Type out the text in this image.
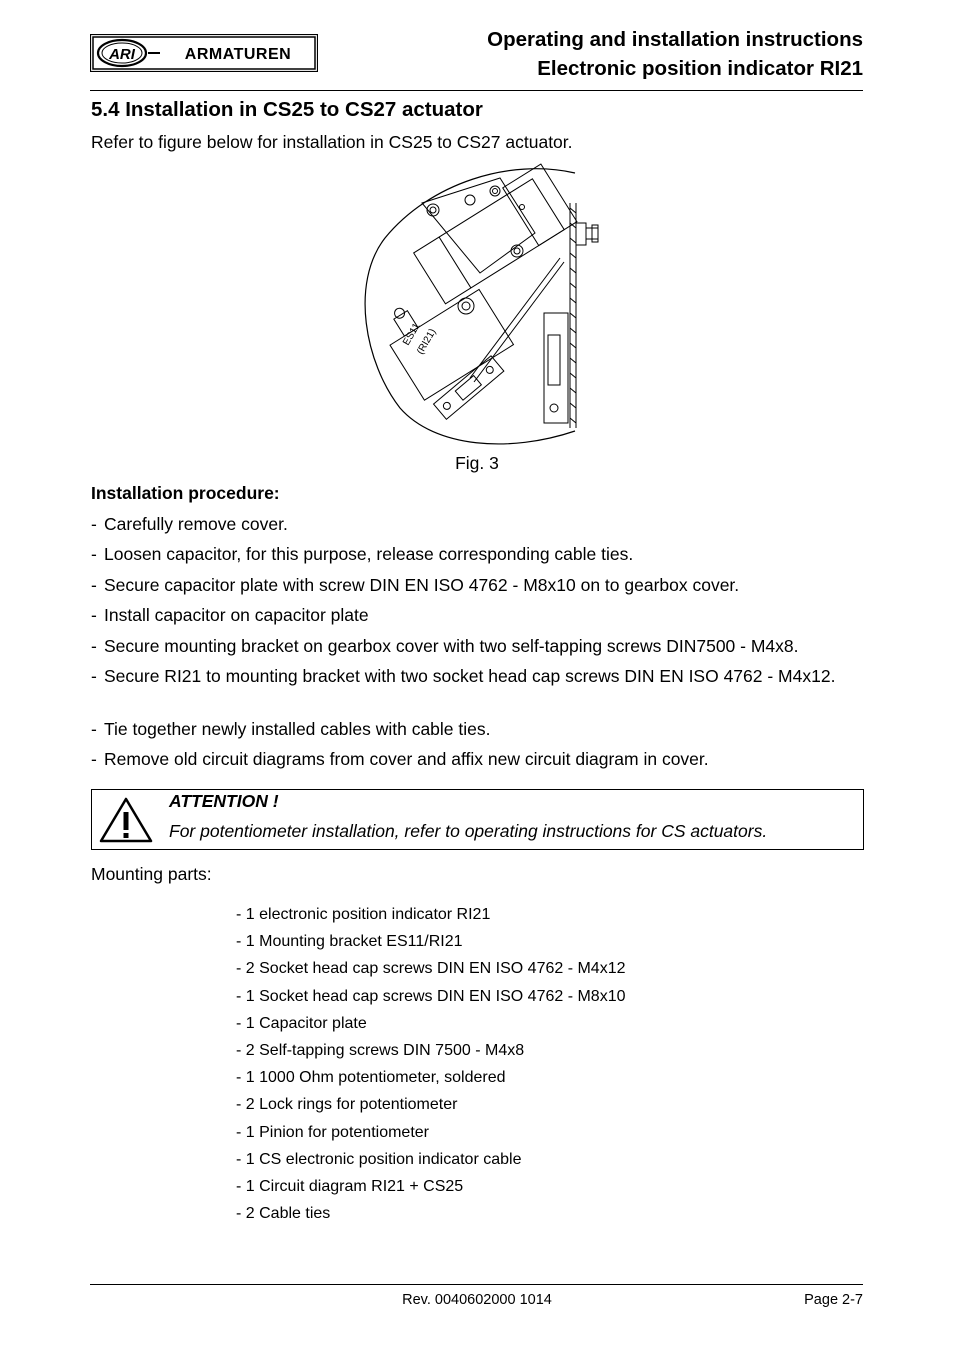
ARI	ARMATUREN
Operating and installation instructions
Electronic position indicator RI21
5.4 Installation in CS25 to CS27 actuator
Refer to figure below for installation in CS25 to CS27 actuator.
ES11
(RI21)
Fig. 3
Installation procedure:
- Carefully remove cover.
- Loosen capacitor, for this purpose, release corresponding cable ties.
- Secure capacitor plate with screw DIN EN ISO 4762 - M8x10 on to gearbox cover.
- Install capacitor on capacitor plate
- Secure mounting bracket on gearbox cover with two self-tapping screws DIN7500 - M4x8.
- Secure RI21 to mounting bracket with two socket head cap screws DIN EN ISO 4762 - M4x12.
- Tie together newly installed cables with cable ties.
- Remove old circuit diagrams from cover and affix new circuit diagram in cover.
ATTENTION !
For potentiometer installation, refer to operating instructions for CS actuators.
Mounting parts:
- 1 electronic position indicator RI21
- 1 Mounting bracket ES11/RI21
- 2 Socket head cap screws DIN EN ISO 4762 - M4x12
- 1 Socket head cap screws DIN EN ISO 4762 - M8x10
- 1 Capacitor plate
- 2 Self-tapping screws DIN 7500 - M4x8
- 1 1000 Ohm potentiometer, soldered
- 2 Lock rings for potentiometer
- 1 Pinion for potentiometer
- 1 CS electronic position indicator cable
- 1 Circuit diagram RI21 + CS25
- 2 Cable ties
Rev. 0040602000 1014	Page 2-7
